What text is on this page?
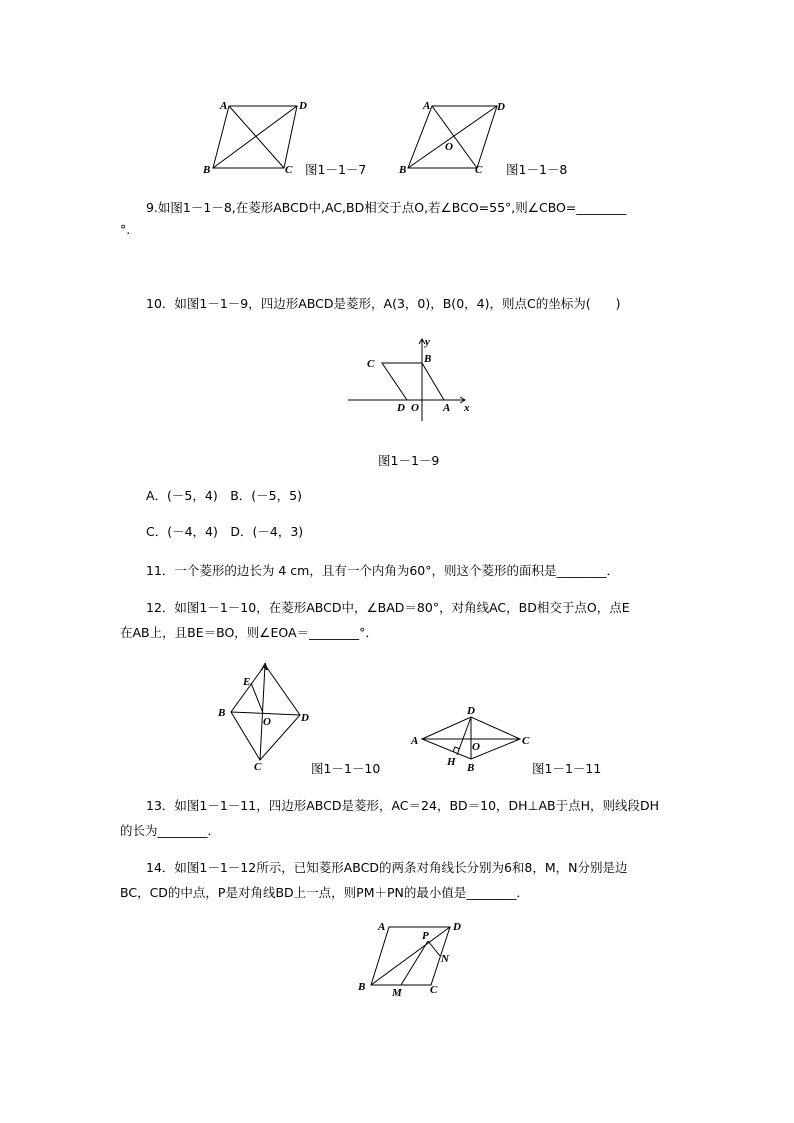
A	D
B	C 图1－1－7
A	D
B	C
O
图1－1－8
9.如图1－1－8,在菱形ABCD中,AC,BD相交于点O,若∠BCO=55°,则∠CBO=________
°.
10．如图1－1－9，四边形ABCD是菱形，A(3，0)，B(0，4)，则点C的坐标为(　　)
C	B
D O A x
y
图1－1－9
A．(－5，4)　B．(－5，5)
C．(－4，4)　D．(－4，3)
11．一个菱形的边长为 4 cm，且有一个内角为60°，则这个菱形的面积是________．
12．如图1－1－10，在菱形ABCD中，∠BAD＝80°，对角线AC，BD相交于点O，点E
在AB上，且BE＝BO，则∠EOA＝________°．
A
E
B
O	D
C	图1－1－10
D
A	O	C
H B	图1－1－11
13．如图1－1－11，四边形ABCD是菱形，AC＝24，BD＝10，DH⊥AB于点H，则线段DH
的长为________．
14．如图1－1－12所示，已知菱形ABCD的两条对角线长分别为6和8，M，N分别是边
BC，CD的中点，P是对角线BD上一点，则PM＋PN的最小值是________．
A
P
D
N
B M	C
